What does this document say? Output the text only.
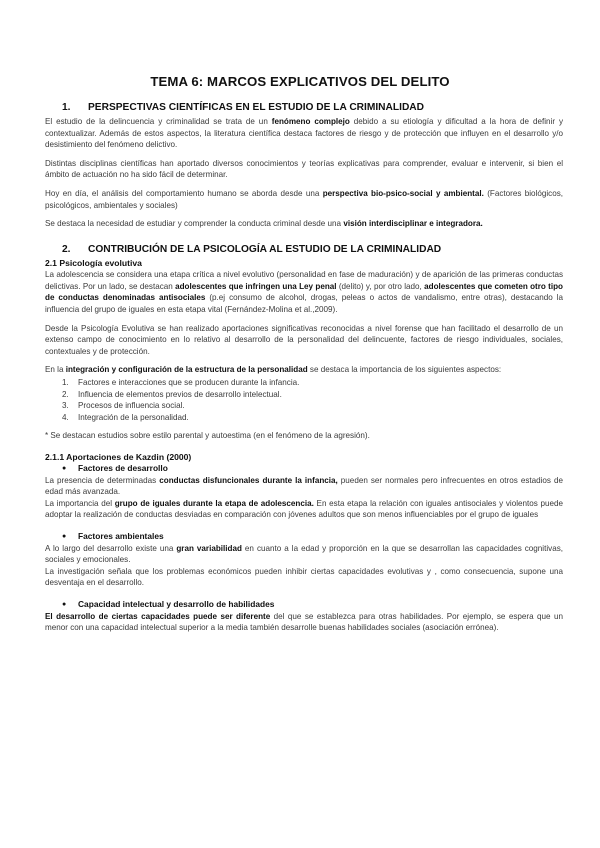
TEMA 6: MARCOS EXPLICATIVOS DEL DELITO
1. PERSPECTIVAS CIENTÍFICAS EN EL ESTUDIO DE LA CRIMINALIDAD

El estudio de la delincuencia y criminalidad se trata de un fenómeno complejo debido a su etiología y dificultad a la hora de definir y contextualizar. Además de estos aspectos, la literatura científica destaca factores de riesgo y de protección que influyen en el desarrollo y/o desistimiento del fenómeno delictivo.

Distintas disciplinas científicas han aportado diversos conocimientos y teorías explicativas para comprender, evaluar e intervenir, si bien el ámbito de actuación no ha sido fácil de determinar.

Hoy en día, el análisis del comportamiento humano se aborda desde una perspectiva bio-psico-social y ambiental. (Factores biológicos, psicológicos, ambientales y sociales)

Se destaca la necesidad de estudiar y comprender la conducta criminal desde una visión interdisciplinar e integradora.

2. CONTRIBUCIÓN DE LA PSICOLOGÍA AL ESTUDIO DE LA CRIMINALIDAD
2.1 Psicología evolutiva

La adolescencia se considera una etapa crítica a nivel evolutivo (personalidad en fase de maduración) y de aparición de las primeras conductas delictivas. Por un lado, se destacan adolescentes que infringen una Ley penal (delito) y, por otro lado, adolescentes que cometen otro tipo de conductas denominadas antisociales (p.ej consumo de alcohol, drogas, peleas o actos de vandalismo, entre otras), destacando la influencia del grupo de iguales en esta etapa vital (Fernández-Molina et al.,2009).

Desde la Psicología Evolutiva se han realizado aportaciones significativas reconocidas a nivel forense que han facilitado el desarrollo de un extenso campo de conocimiento en lo relativo al desarrollo de la personalidad del delincuente, factores de riesgo individuales, sociales, contextuales y de protección.

En la integración y configuración de la estructura de la personalidad se destaca la importancia de los siguientes aspectos:

1.	Factores e interacciones que se producen durante la infancia.
2.	Influencia de elementos previos de desarrollo intelectual.
3.	Procesos de influencia social.
4.	Integración de la personalidad.

* Se destacan estudios sobre estilo parental y autoestima (en el fenómeno de la agresión).

2.1.1 Aportaciones de Kazdin (2000)
● Factores de desarrollo

La presencia de determinadas conductas disfuncionales durante la infancia, pueden ser normales pero infrecuentes en otros estadios de edad más avanzada.

La importancia del grupo de iguales durante la etapa de adolescencia. En esta etapa la relación con iguales antisociales y violentos puede adoptar la realización de conductas desviadas en comparación con jóvenes adultos que son menos influenciables por el grupo de iguales

● Factores ambientales

A lo largo del desarrollo existe una gran variabilidad en cuanto a la edad y proporción en la que se desarrollan las capacidades cognitivas, sociales y emocionales.

La investigación señala que los problemas económicos pueden inhibir ciertas capacidades evolutivas y , como consecuencia, supone una desventaja en el desarrollo.

● Capacidad intelectual y desarrollo de habilidades

El desarrollo de ciertas capacidades puede ser diferente del que se establezca para otras habilidades. Por ejemplo, se espera que un menor con una capacidad intelectual superior a la media también desarrolle buenas habilidades sociales (asociación errónea).
